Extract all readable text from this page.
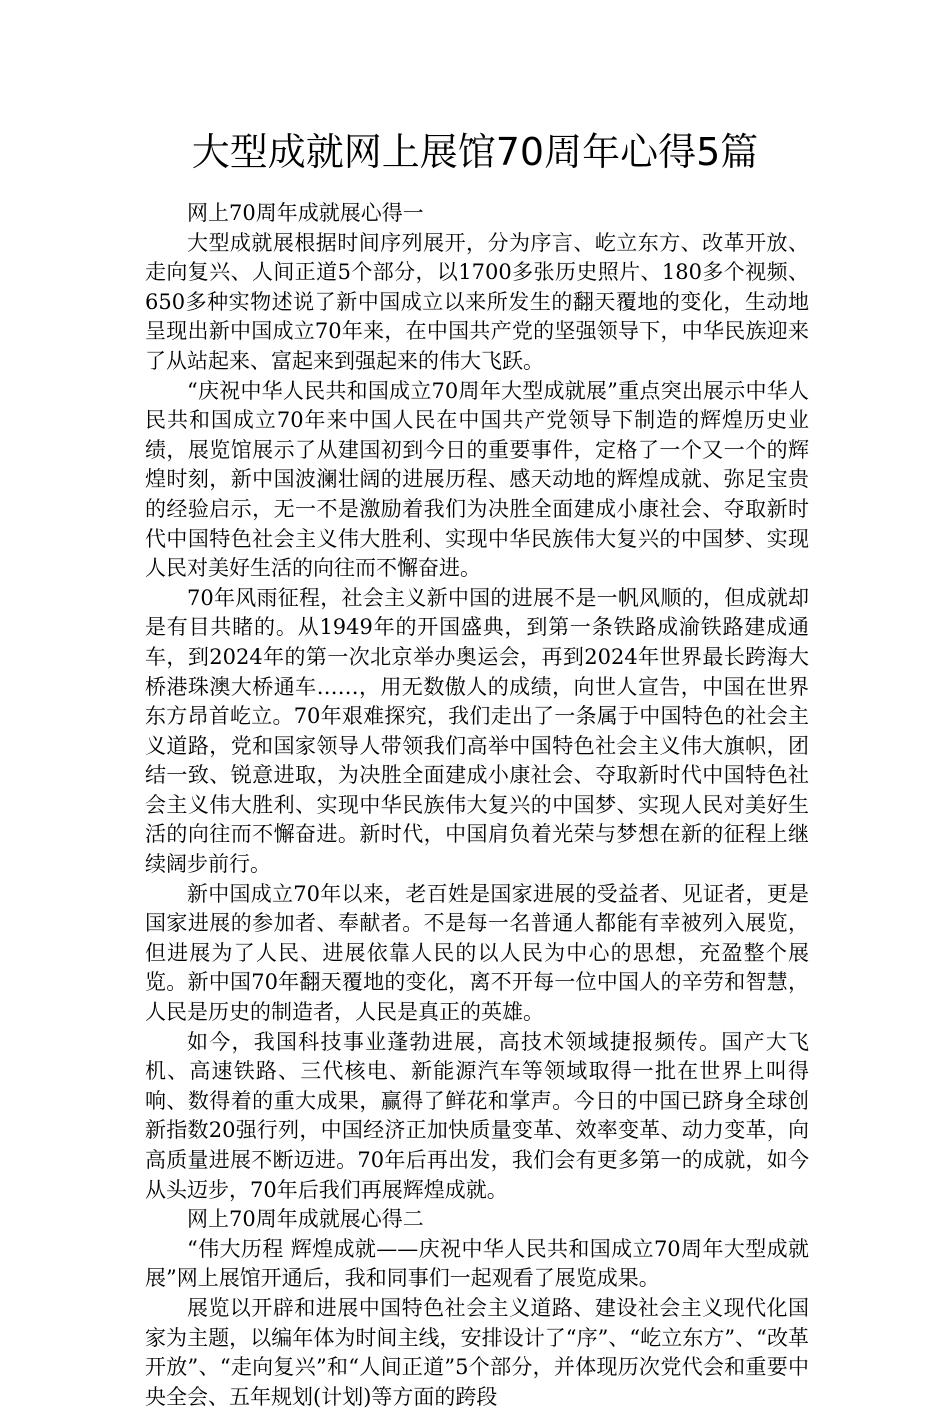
大型成就网上展馆70周年心得5篇

网上70周年成就展心得一

大型成就展根据时间序列展开，分为序言、屹立东方、改革开放、走向复兴、人间正道5个部分，以1700多张历史照片、180多个视频、650多种实物述说了新中国成立以来所发生的翻天覆地的变化，生动地呈现出新中国成立70年来，在中国共产党的坚强领导下，中华民族迎来了从站起来、富起来到强起来的伟大飞跃。

“庆祝中华人民共和国成立70周年大型成就展”重点突出展示中华人民共和国成立70年来中国人民在中国共产党领导下制造的辉煌历史业绩，展览馆展示了从建国初到今日的重要事件，定格了一个又一个的辉煌时刻，新中国波澜壮阔的进展历程、感天动地的辉煌成就、弥足宝贵的经验启示，无一不是激励着我们为决胜全面建成小康社会、夺取新时代中国特色社会主义伟大胜利、实现中华民族伟大复兴的中国梦、实现人民对美好生活的向往而不懈奋进。

70年风雨征程，社会主义新中国的进展不是一帆风顺的，但成就却是有目共睹的。从1949年的开国盛典，到第一条铁路成渝铁路建成通车，到2024年的第一次北京举办奥运会，再到2024年世界最长跨海大桥港珠澳大桥通车……，用无数傲人的成绩，向世人宣告，中国在世界东方昂首屹立。70年艰难探究，我们走出了一条属于中国特色的社会主义道路，党和国家领导人带领我们高举中国特色社会主义伟大旗帜，团结一致、锐意进取，为决胜全面建成小康社会、夺取新时代中国特色社会主义伟大胜利、实现中华民族伟大复兴的中国梦、实现人民对美好生活的向往而不懈奋进。新时代，中国肩负着光荣与梦想在新的征程上继续阔步前行。

新中国成立70年以来，老百姓是国家进展的受益者、见证者，更是国家进展的参加者、奉献者。不是每一名普通人都能有幸被列入展览，但进展为了人民、进展依靠人民的以人民为中心的思想，充盈整个展览。新中国70年翻天覆地的变化，离不开每一位中国人的辛劳和智慧，人民是历史的制造者，人民是真正的英雄。

如今，我国科技事业蓬勃进展，高技术领域捷报频传。国产大飞机、高速铁路、三代核电、新能源汽车等领域取得一批在世界上叫得响、数得着的重大成果，赢得了鲜花和掌声。今日的中国已跻身全球创新指数20强行列，中国经济正加快质量变革、效率变革、动力变革，向高质量进展不断迈进。70年后再出发，我们会有更多第一的成就，如今从头迈步，70年后我们再展辉煌成就。

网上70周年成就展心得二

“伟大历程 辉煌成就——庆祝中华人民共和国成立70周年大型成就展”网上展馆开通后，我和同事们一起观看了展览成果。

展览以开辟和进展中国特色社会主义道路、建设社会主义现代化国家为主题，以编年体为时间主线，安排设计了“序”、“屹立东方”、“改革开放”、“走向复兴”和“人间正道”5个部分，并体现历次党代会和重要中央全会、五年规划(计划)等方面的跨段
